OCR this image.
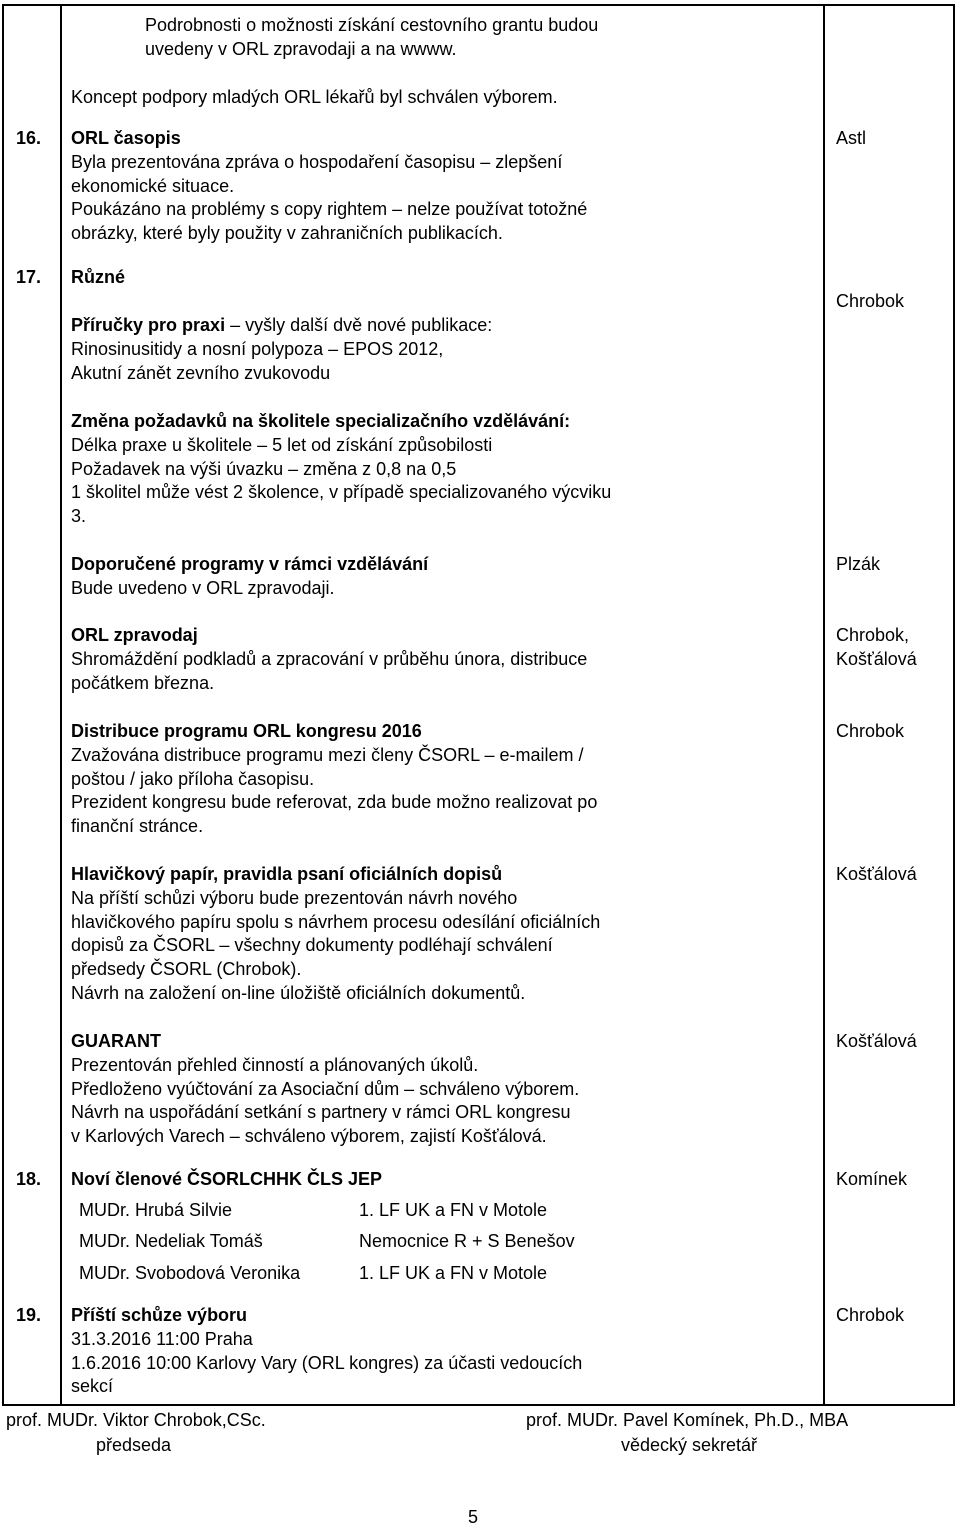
Podrobnosti o možnosti získání cestovního grantu budou
uvedeny v ORL zpravodaji a na wwww.
Koncept podpory mladých ORL lékařů byl schválen výborem.
16. ORL časopis
Byla prezentována zpráva o hospodaření časopisu – zlepšení
ekonomické situace.
Poukázáno na problémy s copy rightem – nelze používat totožné
obrázky, které byly použity v zahraničních publikacích.
Astl
17. Různé
Příručky pro praxi – vyšly další dvě nové publikace:
Rinosinusitidy a nosní polypoza – EPOS 2012,
Akutní zánět zevního zvukovodu
Chrobok
Změna požadavků na školitele specializačního vzdělávání:
Délka praxe u školitele – 5 let od získání způsobilosti
Požadavek na výši úvazku – změna z 0,8 na 0,5
1 školitel může vést 2 školence, v případě specializovaného výcviku
3.
Doporučené programy v rámci vzdělávání
Bude uvedeno v ORL zpravodaji.
Plzák
ORL zpravodaj
Shromáždění podkladů a zpracování v průběhu února, distribuce
počátkem března.
Chrobok,
Košťálová
Distribuce programu ORL kongresu 2016
Zvažována distribuce programu mezi členy ČSORL – e-mailem /
poštou / jako příloha časopisu.
Prezident kongresu bude referovat, zda bude možno realizovat po
finanční stránce.
Chrobok
Hlavičkový papír, pravidla psaní oficiálních dopisů
Na příští schůzi výboru bude prezentován návrh nového
hlavičkového papíru spolu s návrhem procesu odesílání oficiálních
dopisů za ČSORL – všechny dokumenty podléhají schválení
předsedy ČSORL (Chrobok).
Návrh na založení on-line úložiště oficiálních dokumentů.
Košťálová
GUARANT
Prezentován přehled činností a plánovaných úkolů.
Předloženo vyúčtování za Asociační dům – schváleno výborem.
Návrh na uspořádání setkání s partnery v rámci ORL kongresu
v Karlových Varech – schváleno výborem, zajistí Košťálová.
Košťálová
18. Noví členové ČSORLCHHK ČLS JEP	Komínek
MUDr. Hrubá Silvie	1. LF UK a FN v Motole
MUDr. Nedeliak Tomáš	Nemocnice R + S Benešov
MUDr. Svobodová Veronika	1. LF UK a FN v Motole
19. Příští schůze výboru
31.3.2016 11:00 Praha
1.6.2016 10:00 Karlovy Vary (ORL kongres) za účasti vedoucích
sekcí
Chrobok
prof. MUDr. Viktor Chrobok,CSc.
předseda
prof. MUDr. Pavel Komínek, Ph.D., MBA
vědecký sekretář
5
